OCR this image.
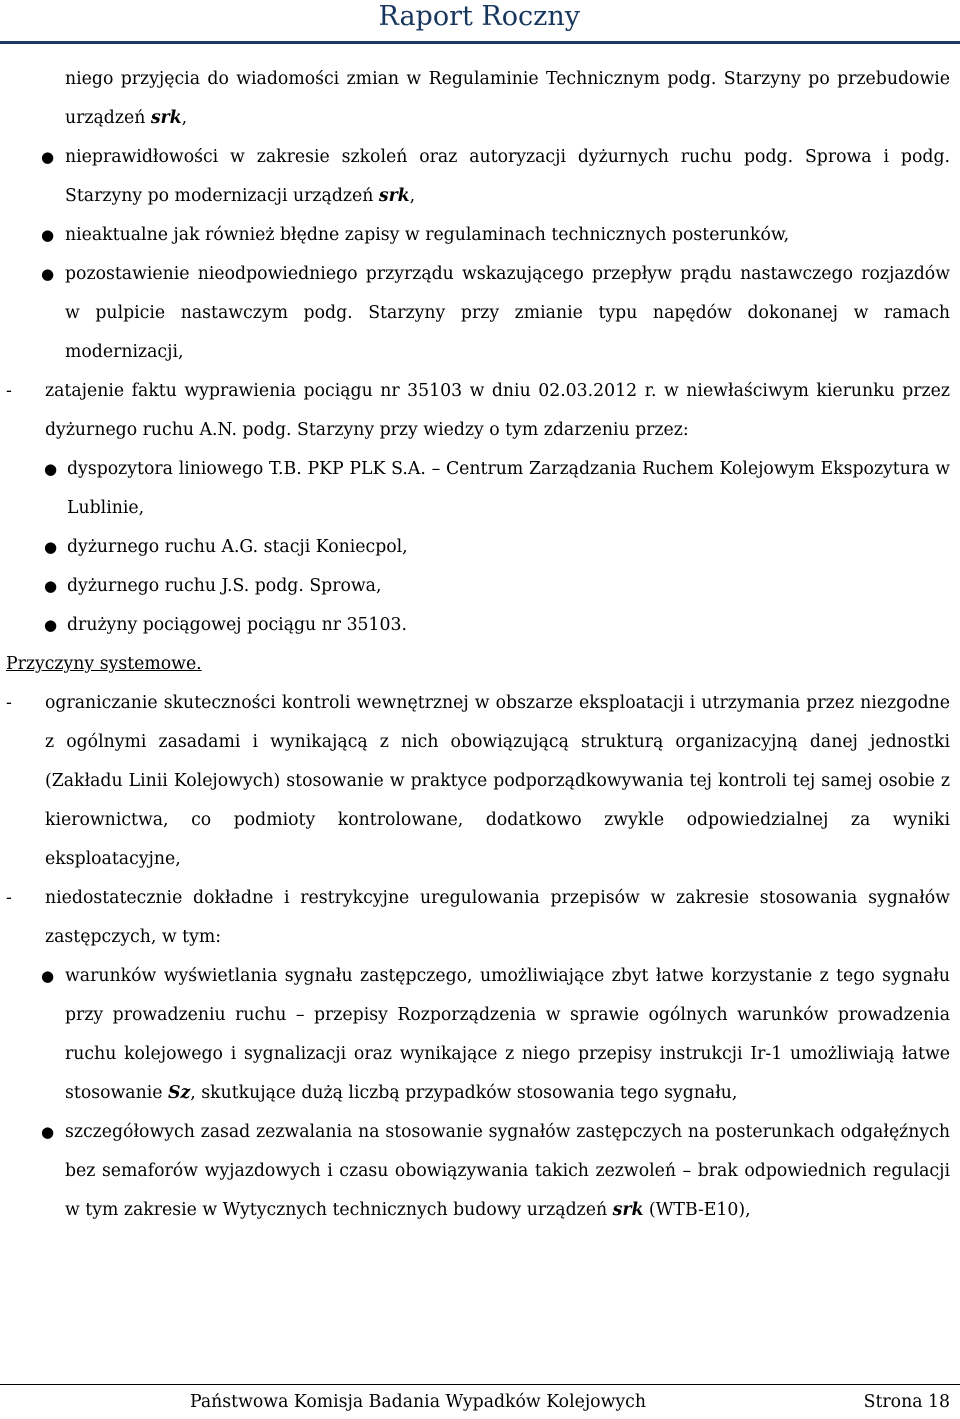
Raport Roczny
niego przyjęcia do wiadomości zmian w Regulaminie Technicznym podg. Starzyny po przebudowie urządzeń srk,
● nieprawidłowości w zakresie szkoleń oraz autoryzacji dyżurnych ruchu podg. Sprowa i podg. Starzyny po modernizacji urządzeń srk,
● nieaktualne jak również błędne zapisy w regulaminach technicznych posterunków,
● pozostawienie nieodpowiedniego przyrządu wskazującego przepływ prądu nastawczego rozjazdów w pulpicie nastawczym podg. Starzyny przy zmianie typu napędów dokonanej w ramach modernizacji,
- zatajenie faktu wyprawienia pociągu nr 35103 w dniu 02.03.2012 r. w niewłaściwym kierunku przez dyżurnego ruchu A.N. podg. Starzyny przy wiedzy o tym zdarzeniu przez:
● dyspozytora liniowego T.B. PKP PLK S.A. – Centrum Zarządzania Ruchem Kolejowym Ekspozytura w Lublinie,
● dyżurnego ruchu A.G. stacji Koniecpol,
● dyżurnego ruchu J.S. podg. Sprowa,
● drużyny pociągowej pociągu nr 35103.
Przyczyny systemowe.
- ograniczanie skuteczności kontroli wewnętrznej w obszarze eksploatacji i utrzymania przez niezgodne z ogólnymi zasadami i wynikającą z nich obowiązującą strukturą organizacyjną danej jednostki (Zakładu Linii Kolejowych) stosowanie w praktyce podporządkowywania tej kontroli tej samej osobie z kierownictwa, co podmioty kontrolowane, dodatkowo zwykle odpowiedzialnej za wyniki eksploatacyjne,
- niedostatecznie dokładne i restrykcyjne uregulowania przepisów w zakresie stosowania sygnałów zastępczych, w tym:
● warunków wyświetlania sygnału zastępczego, umożliwiające zbyt łatwe korzystanie z tego sygnału przy prowadzeniu ruchu – przepisy Rozporządzenia w sprawie ogólnych warunków prowadzenia ruchu kolejowego i sygnalizacji oraz wynikające z niego przepisy instrukcji Ir-1 umożliwiają łatwe stosowanie Sz, skutkujące dużą liczbą przypadków stosowania tego sygnału,
● szczegółowych zasad zezwalania na stosowanie sygnałów zastępczych na posterunkach odgałęźnych bez semaforów wyjazdowych i czasu obowiązywania takich zezwoleń – brak odpowiednich regulacji w tym zakresie w Wytycznych technicznych budowy urządzeń srk (WTB-E10),
Państwowa Komisja Badania Wypadków Kolejowych	Strona 18
